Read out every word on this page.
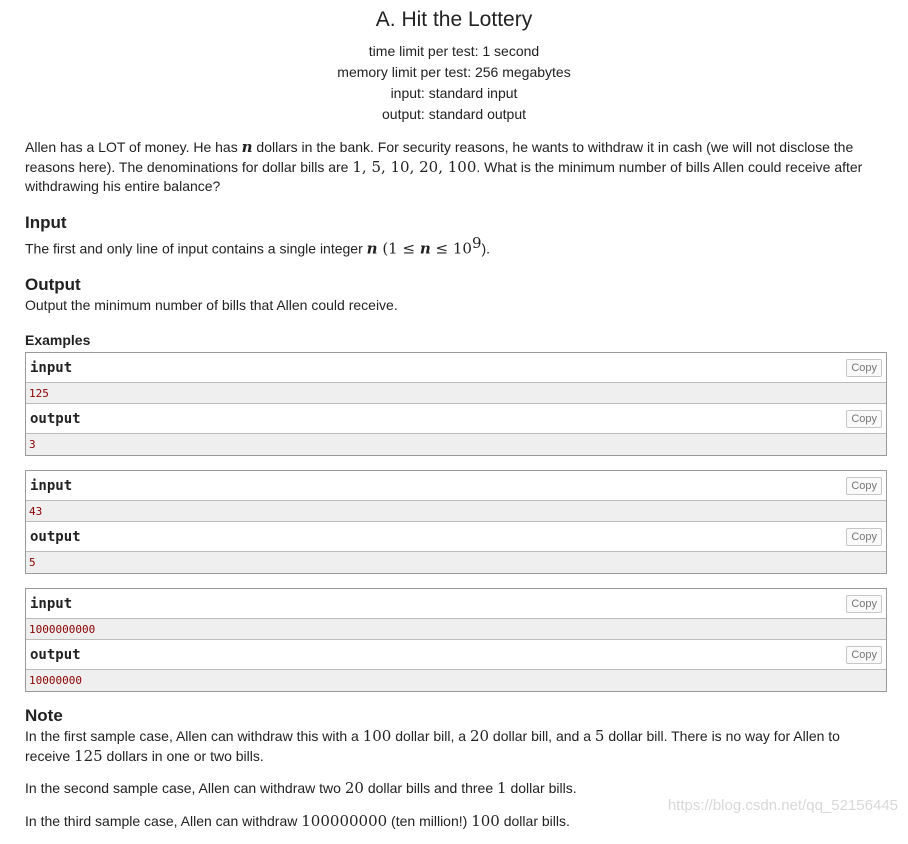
A. Hit the Lottery
time limit per test: 1 second
memory limit per test: 256 megabytes
input: standard input
output: standard output

Allen has a LOT of money. He has n dollars in the bank. For security reasons, he wants to withdraw it in cash (we will not disclose the reasons here). The denominations for dollar bills are 1, 5, 10, 20, 100. What is the minimum number of bills Allen could receive after withdrawing his entire balance?

Input

The first and only line of input contains a single integer n $(1 \le n \le 10^9)$.

Output

Output the minimum number of bills that Allen could receive.

Examples
input	Copy
125
output	Copy
3
input	Copy
43
output	Copy
5
input	Copy
1000000000
output	Copy
10000000
Note

In the first sample case, Allen can withdraw this with a 100 dollar bill, a 20 dollar bill, and a 5 dollar bill. There is no way for Allen to receive 125 dollars in one or two bills.

In the second sample case, Allen can withdraw two 20 dollar bills and three 1 dollar bills.

In the third sample case, Allen can withdraw 100000000 (ten million!) 100 dollar bills.

https://blog.csdn.net/qq_52156445
